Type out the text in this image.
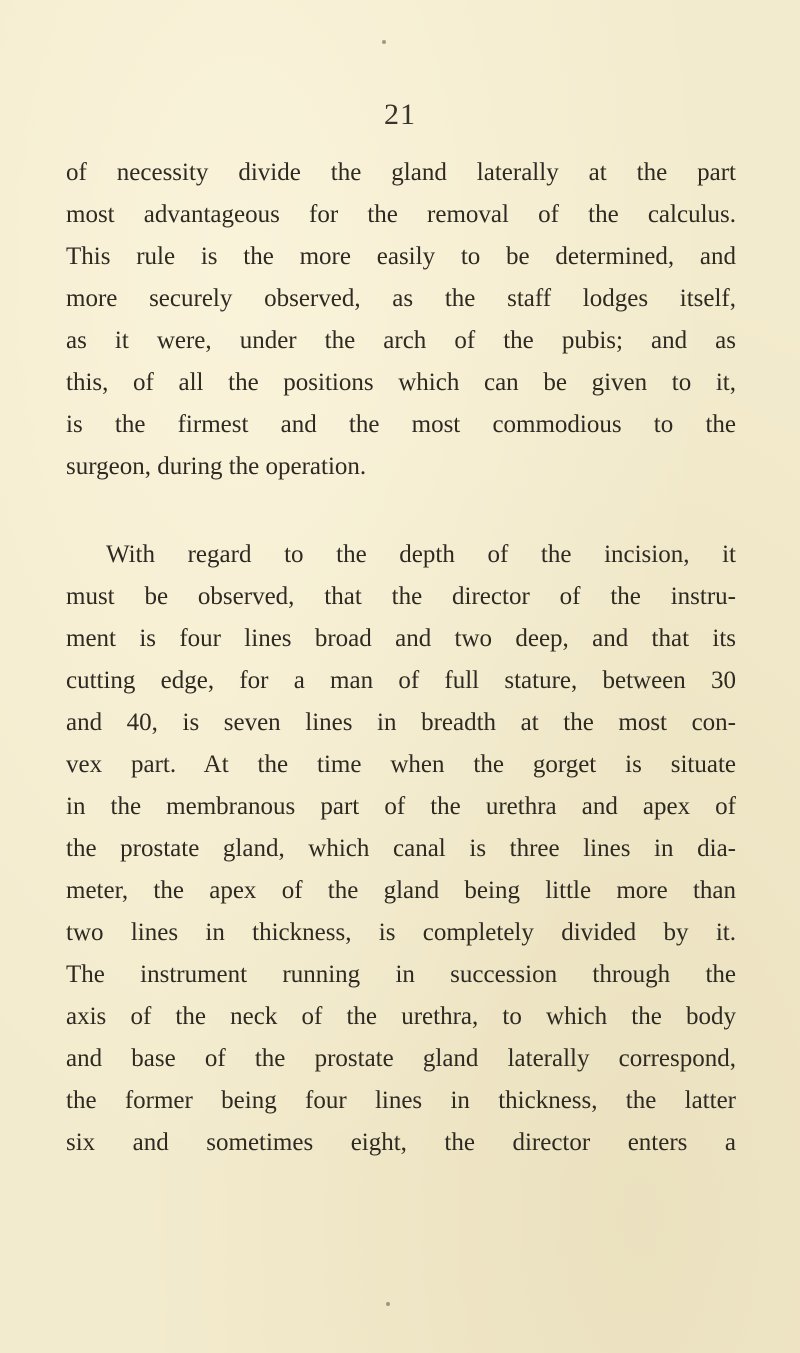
21

of necessity divide the gland laterally at the part
most advantageous for the removal of the calculus.
This rule is the more easily to be determined, and
more securely observed, as the staff lodges itself,
as it were, under the arch of the pubis; and as
this, of all the positions which can be given to it,
is the firmest and the most commodious to the
surgeon, during the operation.

With regard to the depth of the incision, it
must be observed, that the director of the instru-
ment is four lines broad and two deep, and that its
cutting edge, for a man of full stature, between 30
and 40, is seven lines in breadth at the most con-
vex part. At the time when the gorget is situate
in the membranous part of the urethra and apex of
the prostate gland, which canal is three lines in dia-
meter, the apex of the gland being little more than
two lines in thickness, is completely divided by it.
The instrument running in succession through the
axis of the neck of the urethra, to which the body
and base of the prostate gland laterally correspond,
the former being four lines in thickness, the latter
six and sometimes eight, the director enters a
